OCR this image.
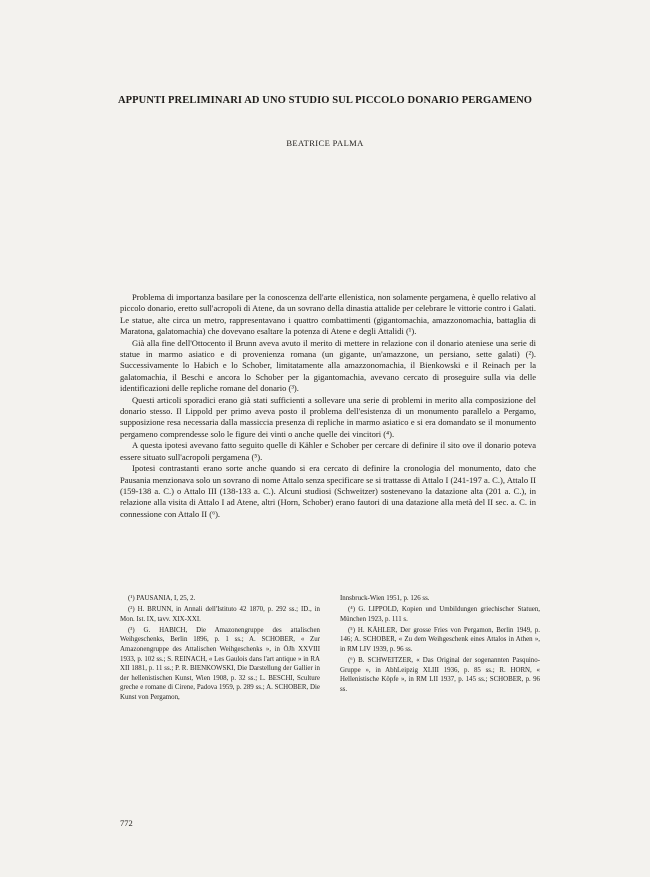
APPUNTI PRELIMINARI AD UNO STUDIO SUL PICCOLO DONARIO PERGAMENO
BEATRICE PALMA

Problema di importanza basilare per la conoscenza dell'arte ellenistica, non solamente pergamena, è quello relativo al piccolo donario, eretto sull'acropoli di Atene, da un sovrano della dinastia attalide per celebrare le vittorie contro i Galati. Le statue, alte circa un metro, rappresentavano i quattro combattimenti (gigantomachia, amazzonomachia, battaglia di Maratona, galatomachia) che dovevano esaltare la potenza di Atene e degli Attalidi (¹).

Già alla fine dell'Ottocento il Brunn aveva avuto il merito di mettere in relazione con il donario ateniese una serie di statue in marmo asiatico e di provenienza romana (un gigante, un'amazzone, un persiano, sette galati) (²). Successivamente lo Habich e lo Schober, limitatamente alla amazzonomachia, il Bienkowski e il Reinach per la galatomachia, il Beschi e ancora lo Schober per la gigantomachia, avevano cercato di proseguire sulla via delle identificazioni delle repliche romane del donario (³).

Questi articoli sporadici erano già stati sufficienti a sollevare una serie di problemi in merito alla composizione del donario stesso. Il Lippold per primo aveva posto il problema dell'esistenza di un monumento parallelo a Pergamo, supposizione resa necessaria dalla massiccia presenza di repliche in marmo asiatico e si era domandato se il monumento pergameno comprendesse solo le figure dei vinti o anche quelle dei vincitori (⁴).

A questa ipotesi avevano fatto seguito quelle di Kähler e Schober per cercare di definire il sito ove il donario poteva essere situato sull'acropoli pergamena (⁵).

Ipotesi contrastanti erano sorte anche quando si era cercato di definire la cronologia del monumento, dato che Pausania menzionava solo un sovrano di nome Attalo senza specificare se si trattasse di Attalo I (241-197 a. C.), Attalo II (159-138 a. C.) o Attalo III (138-133 a. C.). Alcuni studiosi (Schweitzer) sostenevano la datazione alta (201 a. C.), in relazione alla visita di Attalo I ad Atene, altri (Horn, Schober) erano fautori di una datazione alla metà del II sec. a. C. in connessione con Attalo II (⁶).

(¹) PAUSANIA, I, 25, 2.

(²) H. BRUNN, in Annali dell'Istituto 42 1870, p. 292 ss.; ID., in Mon. Ist. IX, tavv. XIX-XXI.

(³) G. HABICH, Die Amazonengruppe des attalischen Weihgeschenks, Berlin 1896, p. 1 ss.; A. SCHOBER, « Zur Amazonengruppe des Attalischen Weihgeschenks », in ÖJh XXVIII 1933, p. 102 ss.; S. REINACH, « Les Gaulois dans l'art antique » in RA XII 1881, p. 11 ss.; P. R. BIENKOWSKI, Die Darstellung der Gallier in der hellenistischen Kunst, Wien 1908, p. 32 ss.; L. BESCHI, Sculture greche e romane di Cirene, Padova 1959, p. 289 ss.; A. SCHOBER, Die Kunst von Pergamon,

Innsbruck-Wien 1951, p. 126 ss.

(⁴) G. LIPPOLD, Kopien und Umbildungen griechischer Statuen, München 1923, p. 111 s.

(⁵) H. KÄHLER, Der grosse Fries von Pergamon, Berlin 1949, p. 146; A. SCHOBER, « Zu dem Weihgeschenk eines Attalos in Athen », in RM LIV 1939, p. 96 ss.

(⁶) B. SCHWEITZER, « Das Original der sogenannten Pasquino-Gruppe », in AbhLeipzig XLIII 1936, p. 85 ss.; R. HORN, « Hellenistische Köpfe », in RM LII 1937, p. 145 ss.; SCHOBER, p. 96 ss.

772
